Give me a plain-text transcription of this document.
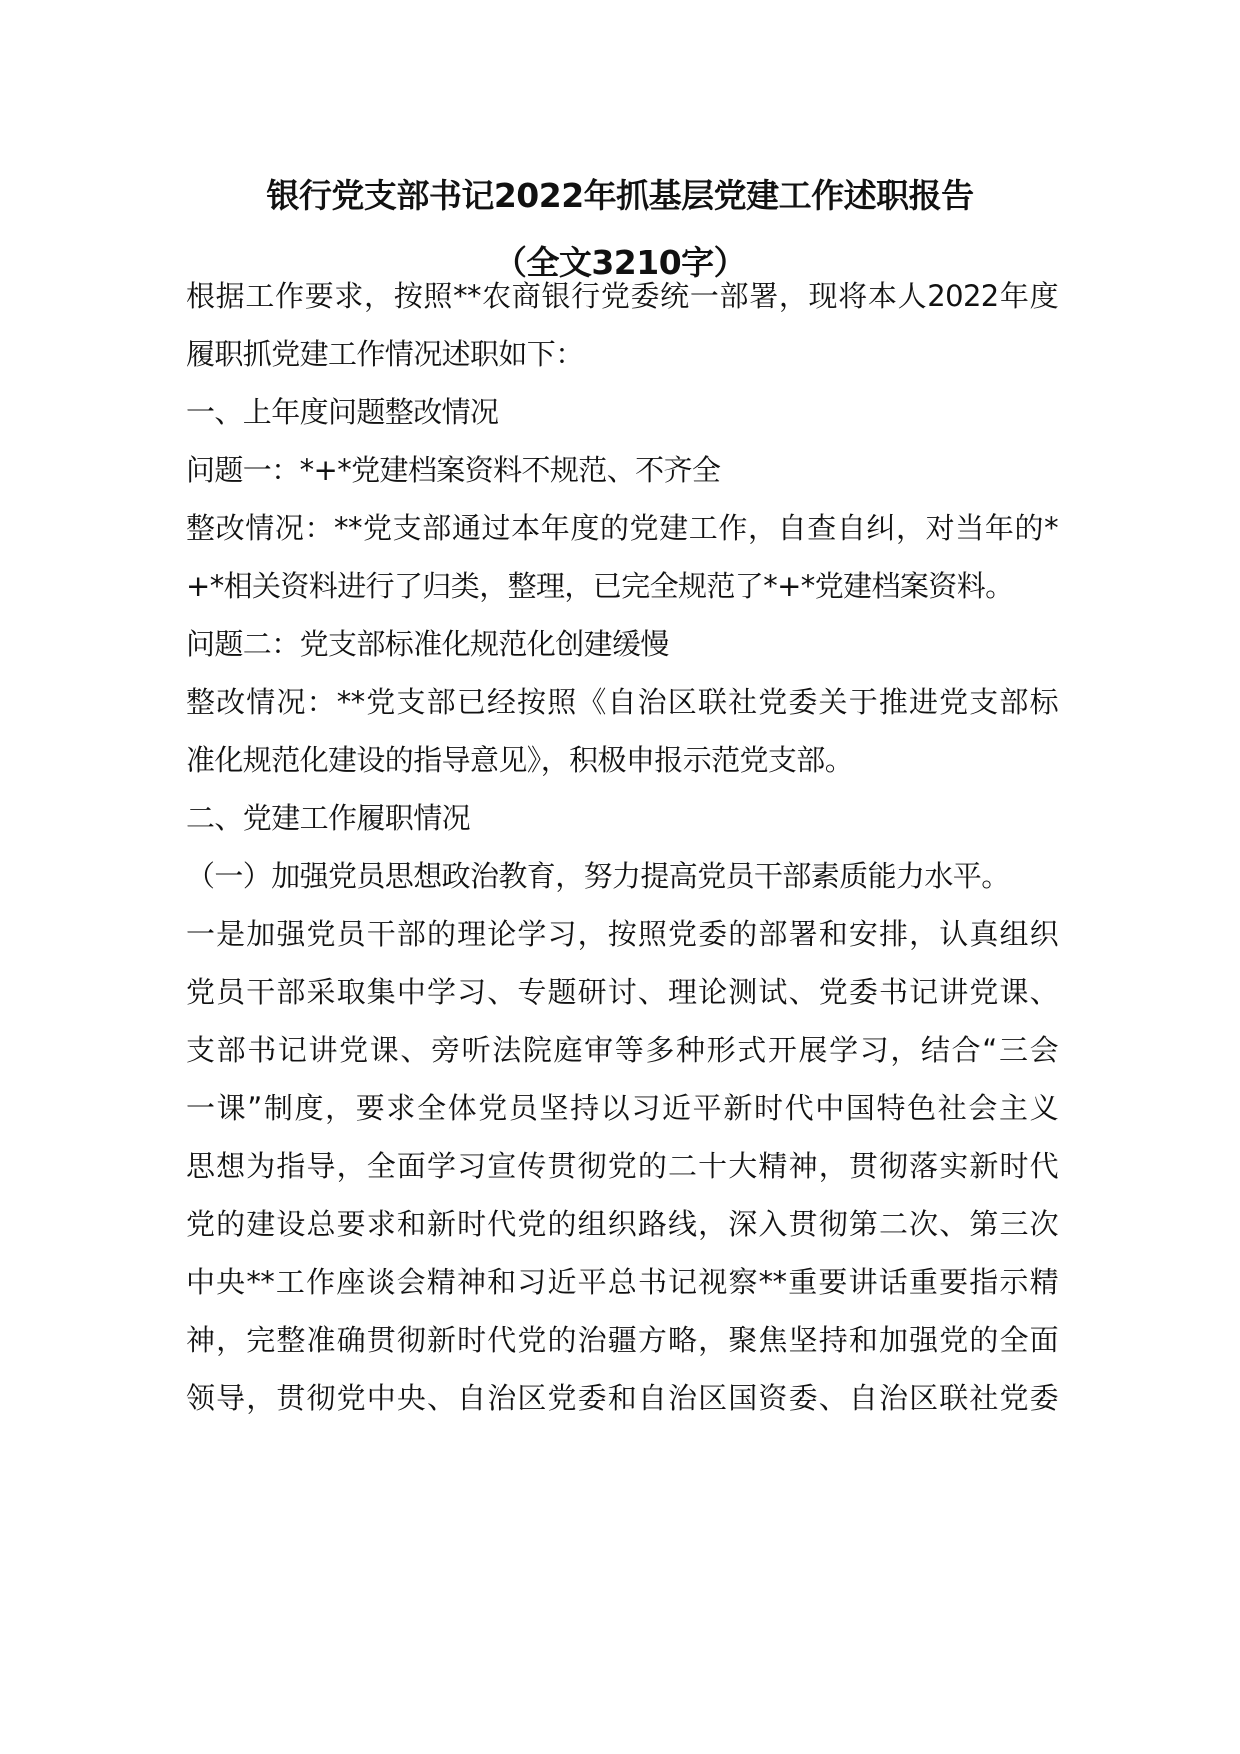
银行党支部书记2022年抓基层党建工作述职报告
（全文3210字）
根据工作要求，按照**农商银行党委统一部署，现将本人2022年度
履职抓党建工作情况述职如下：
一、上年度问题整改情况
问题一：*+*党建档案资料不规范、不齐全
整改情况：**党支部通过本年度的党建工作，自查自纠，对当年的*
+*相关资料进行了归类，整理，已完全规范了*+*党建档案资料。
问题二：党支部标准化规范化创建缓慢
整改情况：**党支部已经按照《自治区联社党委关于推进党支部标
准化规范化建设的指导意见》，积极申报示范党支部。
二、党建工作履职情况
（一）加强党员思想政治教育，努力提高党员干部素质能力水平。
一是加强党员干部的理论学习，按照党委的部署和安排，认真组织
党员干部采取集中学习、专题研讨、理论测试、党委书记讲党课、
支部书记讲党课、旁听法院庭审等多种形式开展学习，结合“三会
一课”制度，要求全体党员坚持以习近平新时代中国特色社会主义
思想为指导，全面学习宣传贯彻党的二十大精神，贯彻落实新时代
党的建设总要求和新时代党的组织路线，深入贯彻第二次、第三次
中央**工作座谈会精神和习近平总书记视察**重要讲话重要指示精
神，完整准确贯彻新时代党的治疆方略，聚焦坚持和加强党的全面
领导，贯彻党中央、自治区党委和自治区国资委、自治区联社党委
